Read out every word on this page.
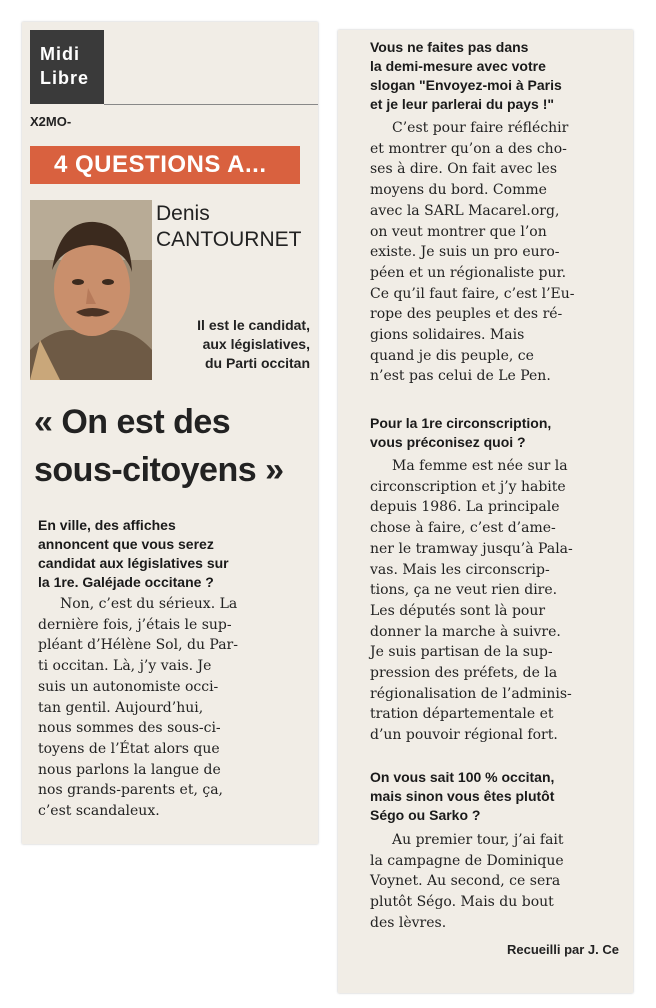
Midi
Libre
X2MO-
4 QUESTIONS A...
Denis
CANTOURNET
Il est le candidat,
aux législatives,
du Parti occitan
« On est des
sous-citoyens »
En ville, des affiches
annoncent que vous serez
candidat aux législatives sur
la 1re. Galéjade occitane ?
Non, c’est du sérieux. La
dernière fois, j’étais le sup-
pléant d’Hélène Sol, du Par-
ti occitan. Là, j’y vais. Je
suis un autonomiste occi-
tan gentil. Aujourd’hui,
nous sommes des sous-ci-
toyens de l’État alors que
nous parlons la langue de
nos grands-parents et, ça,
c’est scandaleux.
Vous ne faites pas dans
la demi-mesure avec votre
slogan "Envoyez-moi à Paris
et je leur parlerai du pays !"
C’est pour faire réfléchir
et montrer qu’on a des cho-
ses à dire. On fait avec les
moyens du bord. Comme
avec la SARL Macarel.org,
on veut montrer que l’on
existe. Je suis un pro euro-
péen et un régionaliste pur.
Ce qu’il faut faire, c’est l’Eu-
rope des peuples et des ré-
gions solidaires. Mais
quand je dis peuple, ce
n’est pas celui de Le Pen.
Pour la 1re circonscription,
vous préconisez quoi ?
Ma femme est née sur la
circonscription et j’y habite
depuis 1986. La principale
chose à faire, c’est d’ame-
ner le tramway jusqu’à Pala-
vas. Mais les circonscrip-
tions, ça ne veut rien dire.
Les députés sont là pour
donner la marche à suivre.
Je suis partisan de la sup-
pression des préfets, de la
régionalisation de l’adminis-
tration départementale et
d’un pouvoir régional fort.
On vous sait 100 % occitan,
mais sinon vous êtes plutôt
Ségo ou Sarko ?
Au premier tour, j’ai fait
la campagne de Dominique
Voynet. Au second, ce sera
plutôt Ségo. Mais du bout
des lèvres.
Recueilli par J. Ce
